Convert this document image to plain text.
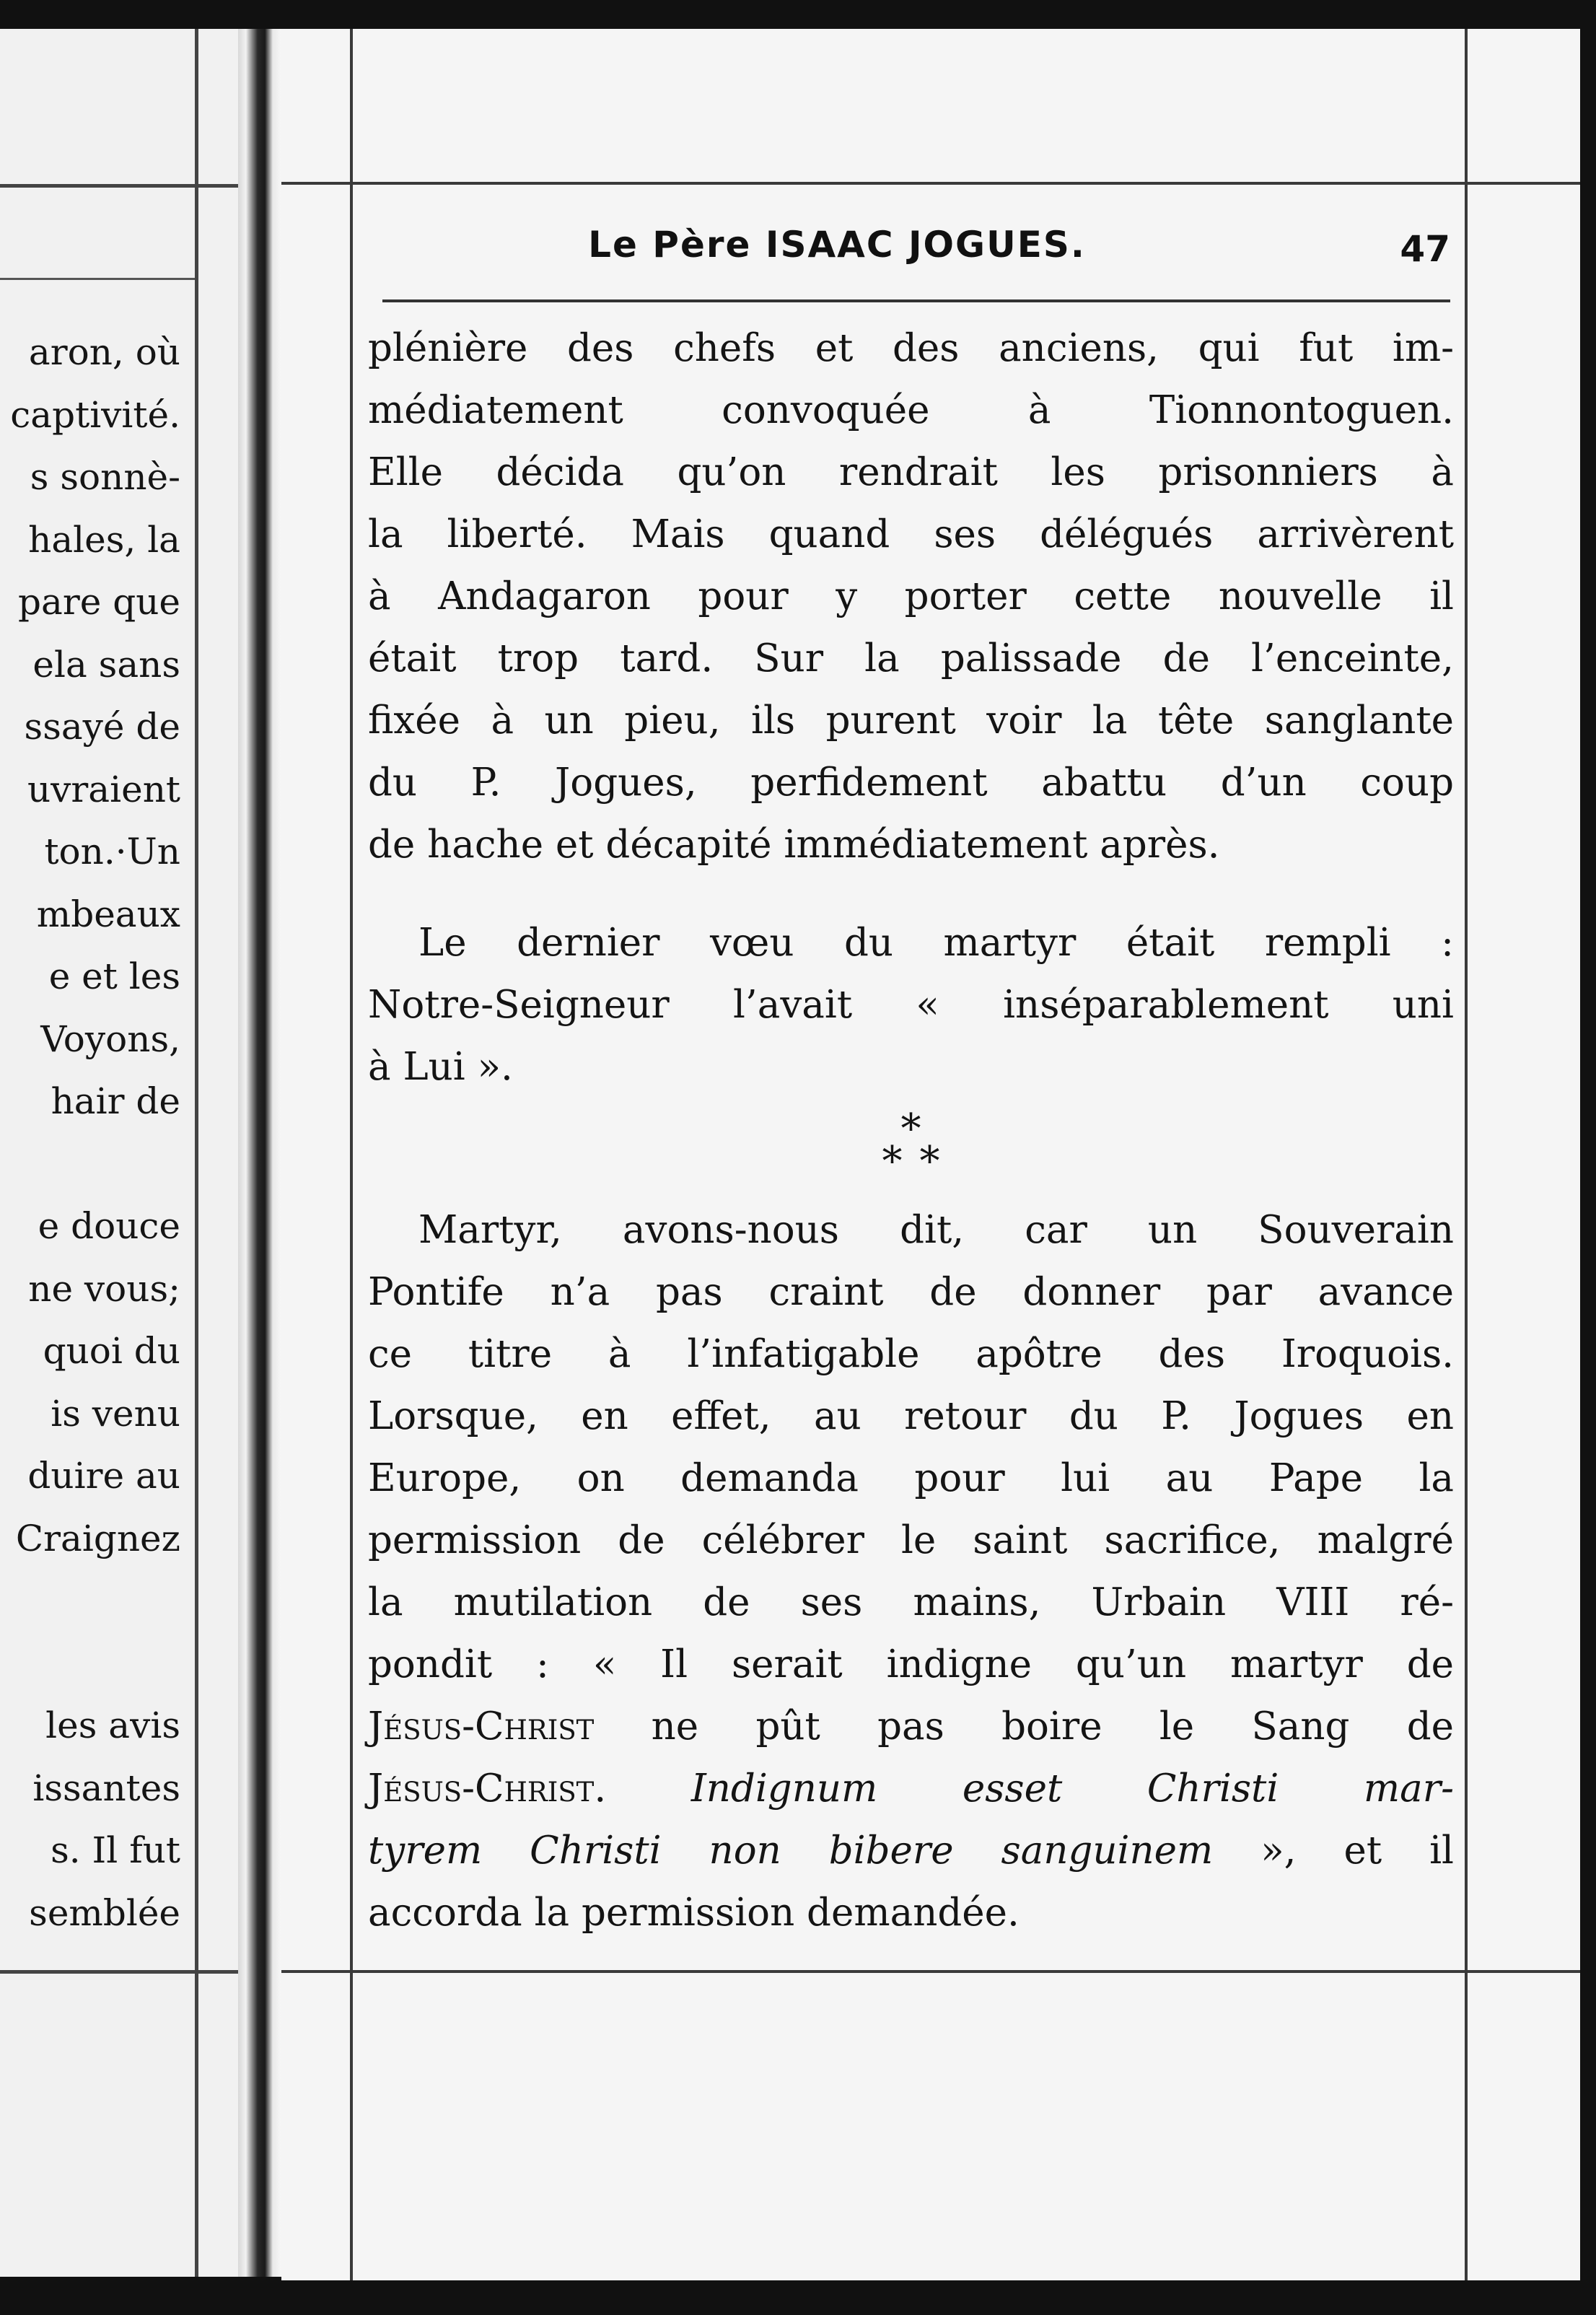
aron, où
captivité.
s sonnè-
hales, la
pare que
ela sans
ssayé de
uvraient
ton.·Un
mbeaux
e et les
Voyons,
hair de
e douce
ne vous;
quoi du
is venu
duire au
Craignez
les avis
issantes
s. Il fut
semblée
Le Père ISAAC JOGUES.	47
plénière des chefs et des anciens, qui fut im-
médiatement convoquée à Tionnontoguen.
Elle décida qu’on rendrait les prisonniers à
la liberté. Mais quand ses délégués arrivèrent
à Andagaron pour y porter cette nouvelle il
était trop tard. Sur la palissade de l’enceinte,
fixée à un pieu, ils purent voir la tête sanglante
du P. Jogues, perfidement abattu d’un coup
de hache et décapité immédiatement après.
Le dernier vœu du martyr était rempli :
Notre-Seigneur l’avait « inséparablement uni
à Lui ».
*
* *
Martyr, avons-nous dit, car un Souverain
Pontife n’a pas craint de donner par avance
ce titre à l’infatigable apôtre des Iroquois.
Lorsque, en effet, au retour du P. Jogues en
Europe, on demanda pour lui au Pape la
permission de célébrer le saint sacrifice, malgré
la mutilation de ses mains, Urbain VIII ré-
pondit : « Il serait indigne qu’un martyr de
Jésus-Christ ne pût pas boire le Sang de
Jésus-Christ. Indignum esset Christi mar-
tyrem Christi non bibere sanguinem », et il
accorda la permission demandée.
